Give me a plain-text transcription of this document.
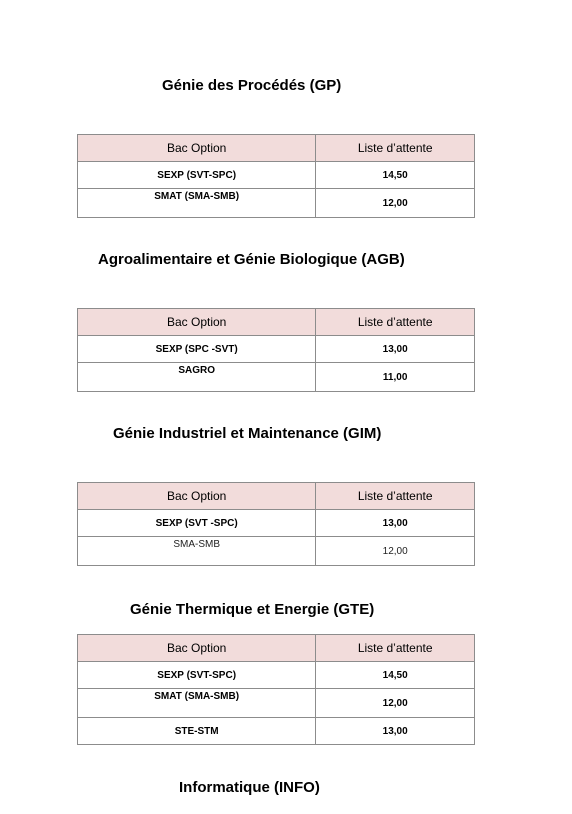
Génie des Procédés (GP)
Bac Option	Liste d’attente
SEXP (SVT-SPC)	14,50
SMAT (SMA-SMB)	12,00
Agroalimentaire et Génie Biologique (AGB)
Bac Option	Liste d’attente
SEXP (SPC -SVT)	13,00
SAGRO	11,00
Génie Industriel et Maintenance (GIM)
Bac Option	Liste d’attente
SEXP (SVT -SPC)	13,00
SMA-SMB	12,00
Génie Thermique et Energie (GTE)
Bac Option	Liste d’attente
SEXP (SVT-SPC)	14,50
SMAT (SMA-SMB)	12,00
STE-STM	13,00
Informatique (INFO)
